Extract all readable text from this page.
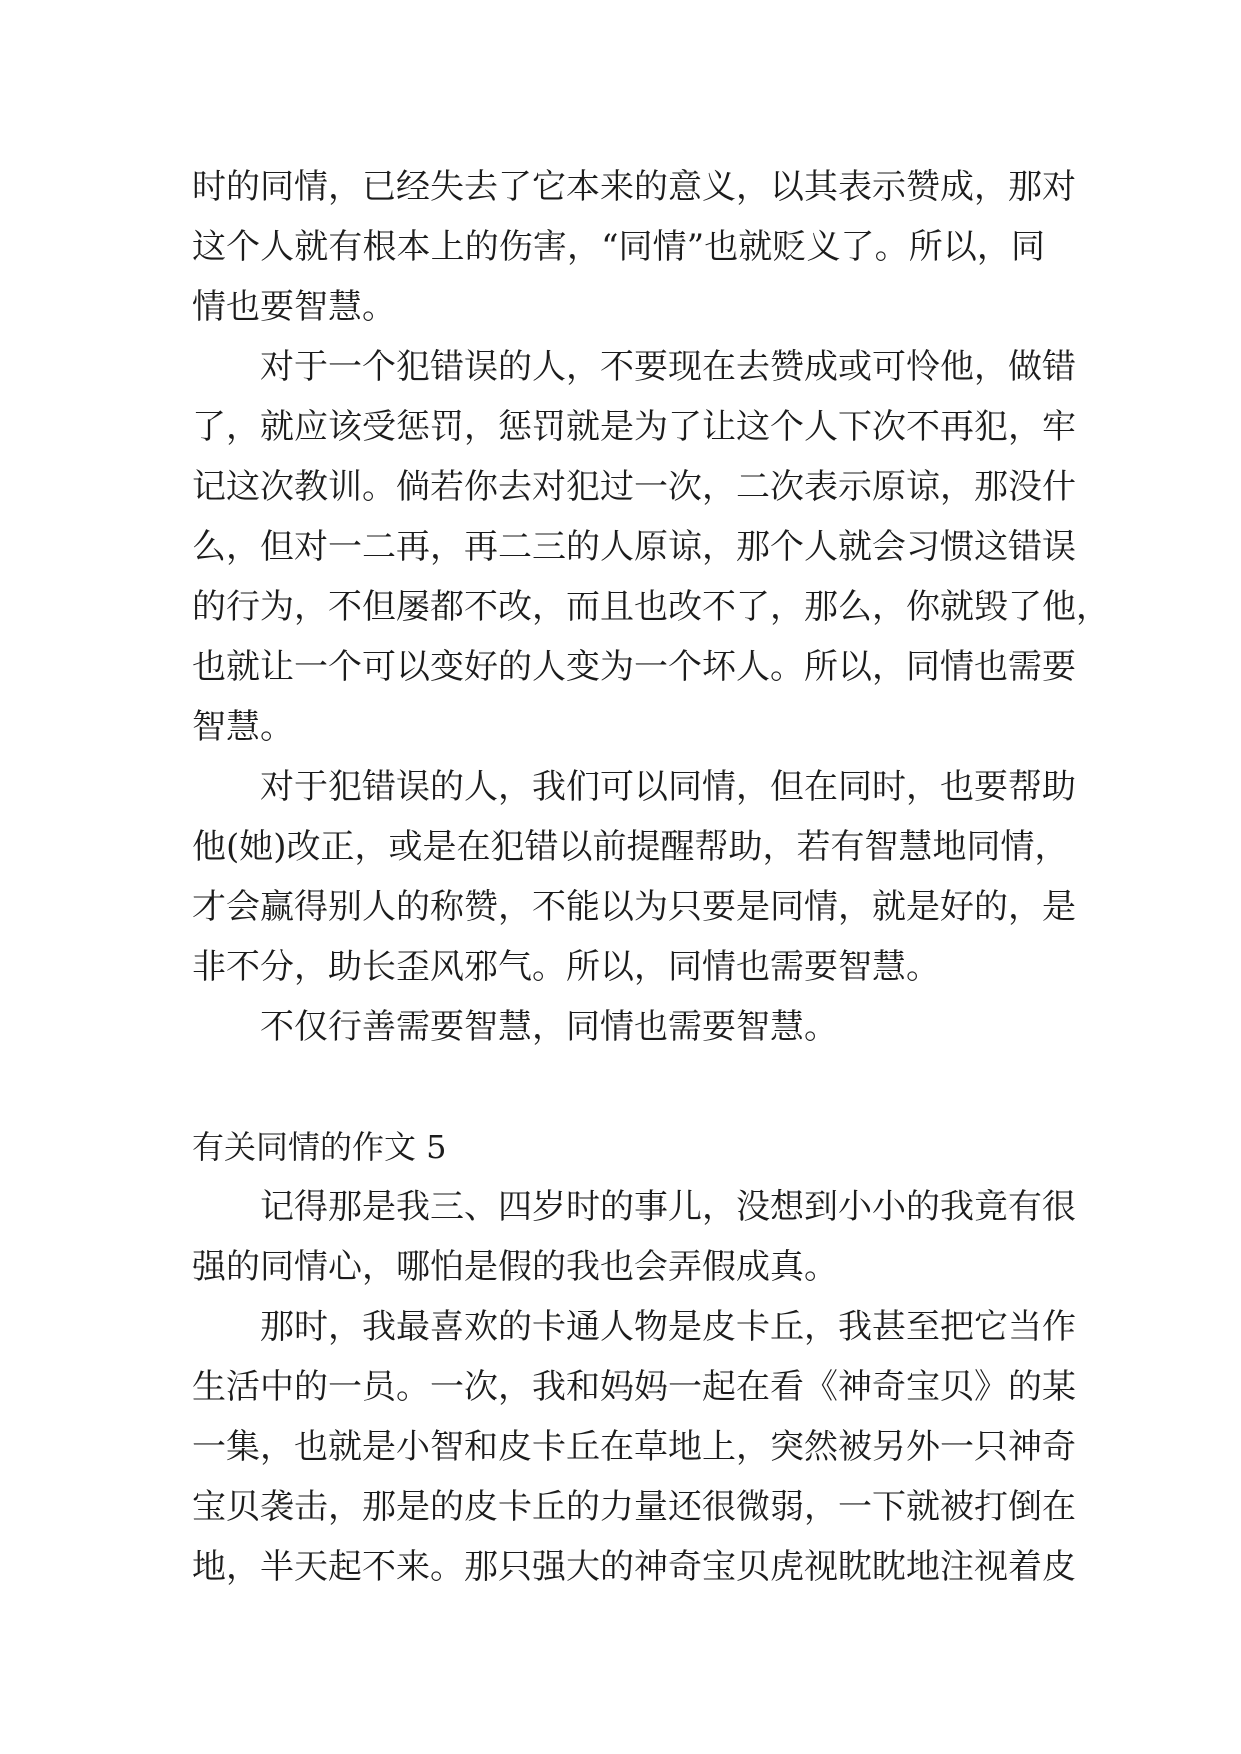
时的同情，已经失去了它本来的意义，以其表示赞成，那对
这个人就有根本上的伤害，“同情”也就贬义了。所以，同
情也要智慧。
对于一个犯错误的人，不要现在去赞成或可怜他，做错
了，就应该受惩罚，惩罚就是为了让这个人下次不再犯，牢
记这次教训。倘若你去对犯过一次，二次表示原谅，那没什
么，但对一二再，再二三的人原谅，那个人就会习惯这错误
的行为，不但屡都不改，而且也改不了，那么，你就毁了他，
也就让一个可以变好的人变为一个坏人。所以，同情也需要
智慧。
对于犯错误的人，我们可以同情，但在同时，也要帮助
他(她)改正，或是在犯错以前提醒帮助，若有智慧地同情，
才会赢得别人的称赞，不能以为只要是同情，就是好的，是
非不分，助长歪风邪气。所以，同情也需要智慧。
不仅行善需要智慧，同情也需要智慧。
有关同情的作文 5
记得那是我三、四岁时的事儿，没想到小小的我竟有很
强的同情心，哪怕是假的我也会弄假成真。
那时，我最喜欢的卡通人物是皮卡丘，我甚至把它当作
生活中的一员。一次，我和妈妈一起在看《神奇宝贝》的某
一集，也就是小智和皮卡丘在草地上，突然被另外一只神奇
宝贝袭击，那是的皮卡丘的力量还很微弱，一下就被打倒在
地，半天起不来。那只强大的神奇宝贝虎视眈眈地注视着皮
